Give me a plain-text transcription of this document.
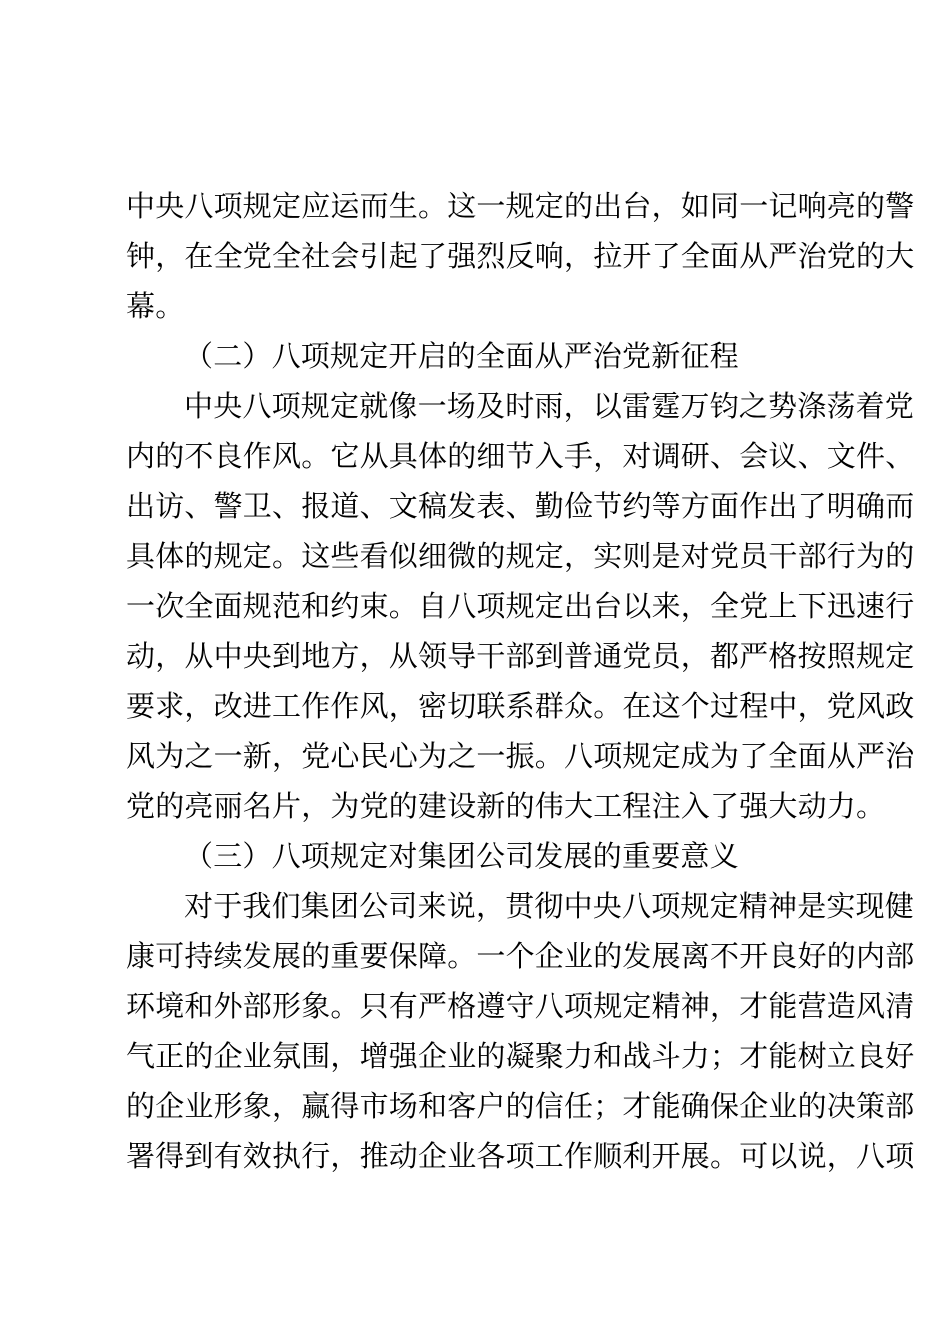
中央八项规定应运而生。这一规定的出台，如同一记响亮的警
钟，在全党全社会引起了强烈反响，拉开了全面从严治党的大
幕。
（二）八项规定开启的全面从严治党新征程
中央八项规定就像一场及时雨，以雷霆万钧之势涤荡着党
内的不良作风。它从具体的细节入手，对调研、会议、文件、
出访、警卫、报道、文稿发表、勤俭节约等方面作出了明确而
具体的规定。这些看似细微的规定，实则是对党员干部行为的
一次全面规范和约束。自八项规定出台以来，全党上下迅速行
动，从中央到地方，从领导干部到普通党员，都严格按照规定
要求，改进工作作风，密切联系群众。在这个过程中，党风政
风为之一新，党心民心为之一振。八项规定成为了全面从严治
党的亮丽名片，为党的建设新的伟大工程注入了强大动力。
（三）八项规定对集团公司发展的重要意义
对于我们集团公司来说，贯彻中央八项规定精神是实现健
康可持续发展的重要保障。一个企业的发展离不开良好的内部
环境和外部形象。只有严格遵守八项规定精神，才能营造风清
气正的企业氛围，增强企业的凝聚力和战斗力；才能树立良好
的企业形象，赢得市场和客户的信任；才能确保企业的决策部
署得到有效执行，推动企业各项工作顺利开展。可以说，八项
